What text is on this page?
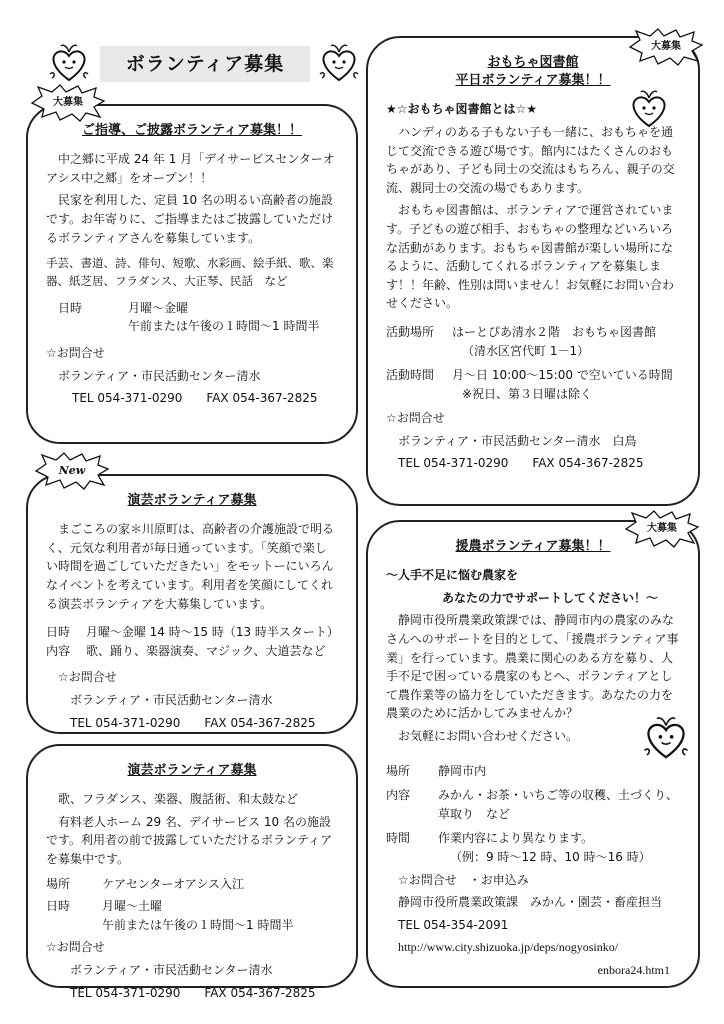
ボランティア募集
ご指導、ご披露ボランティア募集！！

中之郷に平成 24 年 1 月「デイサービスセンターオアシス中之郷」をオープン！！

民家を利用した、定員 10 名の明るい高齢者の施設です。お年寄りに、ご指導またはご披露していただけるボランティアさんを募集しています。

手芸、書道、詩、俳句、短歌、水彩画、絵手紙、歌、楽器、紙芝居、フラダンス、大正琴、民話　など

日時	月曜～金曜

午前または午後の１時間～1 時間半

☆お問合せ

ボランティア・市民活動センター清水

TEL 054-371-0290　　FAX 054-367-2825

大募集
演芸ボランティア募集

まごころの家＊川原町は、高齢者の介護施設で明るく、元気な利用者が毎日通っています。「笑顔で楽しい時間を過ごしていただきたい」をモットーにいろんなイベントを考えています。利用者を笑顔にしてくれる演芸ボランティアを大募集しています。

日時	月曜～金曜 14 時～15 時（13 時半スタート）
内容	歌、踊り、楽器演奏、マジック、大道芸など

☆お問合せ

ボランティア・市民活動センター清水

TEL 054-371-0290　　FAX 054-367-2825

New
演芸ボランティア募集

歌、フラダンス、楽器、腹話術、和太鼓など

有料老人ホーム 29 名、デイサービス 10 名の施設です。利用者の前で披露していただけるボランティアを募集中です。

場所	ケアセンターオアシス入江
日時	月曜～土曜

午前または午後の１時間～1 時間半

☆お問合せ

ボランティア・市民活動センター清水

TEL 054-371-0290　　FAX 054-367-2825

おもちゃ図書館
平日ボランティア募集！！

★☆おもちゃ図書館とは☆★

ハンディのある子もない子も一緒に、おもちゃを通じて交流できる遊び場です。館内にはたくさんのおもちゃがあり、子ども同士の交流はもちろん、親子の交流、親同士の交流の場でもあります。

おもちゃ図書館は、ボランティアで運営されています。子どもの遊び相手、おもちゃの整理などいろいろな活動があります。おもちゃ図書館が楽しい場所になるように、活動してくれるボランティアを募集します！！年齢、性別は問いません！お気軽にお問い合わせください。

活動場所	はーとぴあ清水２階　おもちゃ図書館

（清水区宮代町 1－1）

活動時間	月～日 10:00～15:00 で空いている時間

※祝日、第３日曜は除く

☆お問合せ

ボランティア・市民活動センター清水　白鳥

TEL 054-371-0290　　FAX 054-367-2825

大募集
援農ボランティア募集！！

～人手不足に悩む農家を

あなたの力でサポートしてください！～

静岡市役所農業政策課では、静岡市内の農家のみなさんへのサポートを目的として、「援農ボランティア事業」を行っています。農業に関心のある方を募り、人手不足で困っている農家のもとへ、ボランティアとして農作業等の協力をしていただきます。あなたの力を農業のために活かしてみませんか？

お気軽にお問い合わせください。

場所	静岡市内
内容	みかん・お茶・いちご等の収穫、土づくり、草取り　など
時間	作業内容により異なります。

（例：9 時～12 時、10 時～16 時）

☆お問合せ　・お申込み

静岡市役所農業政策課　みかん・園芸・畜産担当

TEL 054-354-2091

http://www.city.shizuoka.jp/deps/nogyosinko/

enbora24.htm1

大募集
